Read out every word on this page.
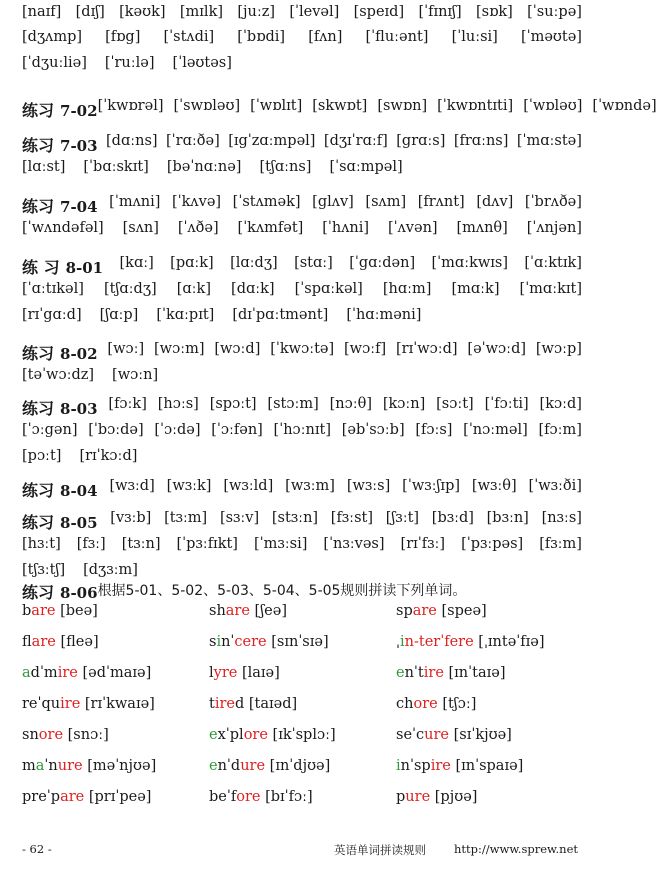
[naɪf] [dɪʃ] [kəʊk] [mɪlk] [juːz] [ˈlevəl] [speɪd] [ˈfɪnɪʃ] [sɒk] [ˈsuːpə]
[dʒʌmp] [fɒg] [ˈstʌdi] [ˈbɒdi] [fʌn] [ˈfluːənt] [ˈluːsi] [ˈməʊtə]
[ˈdʒuːliə] [ˈruːlə] [ˈləʊtəs]
练习 7-02 [ˈkwɒrəl] [ˈswɒləʊ] [ˈwɒlɪt] [skwɒt] [swɒn] [ˈkwɒntɪti] [ˈwɒləʊ] [ˈwɒndə]
练习 7-03 [dɑːns] [ˈrɑːðə] [ɪgˈzɑːmpəl] [dʒɪˈrɑːf] [grɑːs] [frɑːns] [ˈmɑːstə]
[lɑːst] [ˈbɑːskɪt] [bəˈnɑːnə] [tʃɑːns] [ˈsɑːmpəl]
练习 7-04 [ˈmʌni] [ˈkʌvə] [ˈstʌmək] [glʌv] [sʌm] [frʌnt] [dʌv] [ˈbrʌðə]
[ˈwʌndəfəl] [sʌn] [ˈʌðə] [ˈkʌmfət] [ˈhʌni] [ˈʌvən] [mʌnθ] [ˈʌnjən]
练 习 8-01 [kɑː] [pɑːk] [lɑːdʒ] [stɑː] [ˈgɑːdən] [ˈmɑːkwɪs] [ˈɑːktɪk]
[ˈɑːtɪkəl] [tʃɑːdʒ] [ɑːk] [dɑːk] [ˈspɑːkəl] [hɑːm] [mɑːk] [ˈmɑːkɪt]
[rɪˈgɑːd] [ʃɑːp] [ˈkɑːpɪt] [dɪˈpɑːtmənt] [ˈhɑːməni]
练习 8-02 [wɔː] [wɔːm] [wɔːd] [ˈkwɔːtə] [wɔːf] [rɪˈwɔːd] [əˈwɔːd] [wɔːp]
[təˈwɔːdz] [wɔːn]
练习 8-03 [fɔːk] [hɔːs] [spɔːt] [stɔːm] [nɔːθ] [kɔːn] [sɔːt] [ˈfɔːti] [kɔːd]
[ˈɔːgən] [ˈbɔːdə] [ˈɔːdə] [ˈɔːfən] [ˈhɔːnɪt] [əbˈsɔːb] [fɔːs] [ˈnɔːməl] [fɔːm]
[pɔːt] [rɪˈkɔːd]
练习 8-04 [wɜːd] [wɜːk] [wɜːld] [wɜːm] [wɜːs] [ˈwɜːʃɪp] [wɜːθ] [ˈwɜːði]
练习 8-05 [vɜːb] [tɜːm] [sɜːv] [stɜːn] [fɜːst] [ʃɜːt] [bɜːd] [bɜːn] [nɜːs]
[hɜːt] [fɜː] [tɜːn] [ˈpɜːfɪkt] [ˈmɜːsi] [ˈnɜːvəs] [rɪˈfɜː] [ˈpɜːpəs] [fɜːm]
[tʃɜːtʃ] [dʒɜːm]
练习 8-06 根据5-01、5-02、5-03、5-04、5-05规则拼读下列单词。
bare [beə]	share [ʃeə]	spare [speə]
flare [fleə]	sinˈcere [sɪnˈsɪə]	ˌin-terˈfere [ˌɪntəˈfɪə]
adˈmire [ədˈmaɪə]	lyre [laɪə]	enˈtire [ɪnˈtaɪə]
reˈquire [rɪˈkwaɪə]	tired [taɪəd]	chore [tʃɔː]
snore [snɔː]	exˈplore [ɪkˈsplɔː]	seˈcure [sɪˈkjʊə]
maˈnure [məˈnjʊə]	enˈdure [ɪnˈdjʊə]	inˈspire [ɪnˈspaɪə]
preˈpare [prɪˈpeə]	beˈfore [bɪˈfɔː]	pure [pjʊə]
- 62 -	英语单词拼读规则 http://www.sprew.net
